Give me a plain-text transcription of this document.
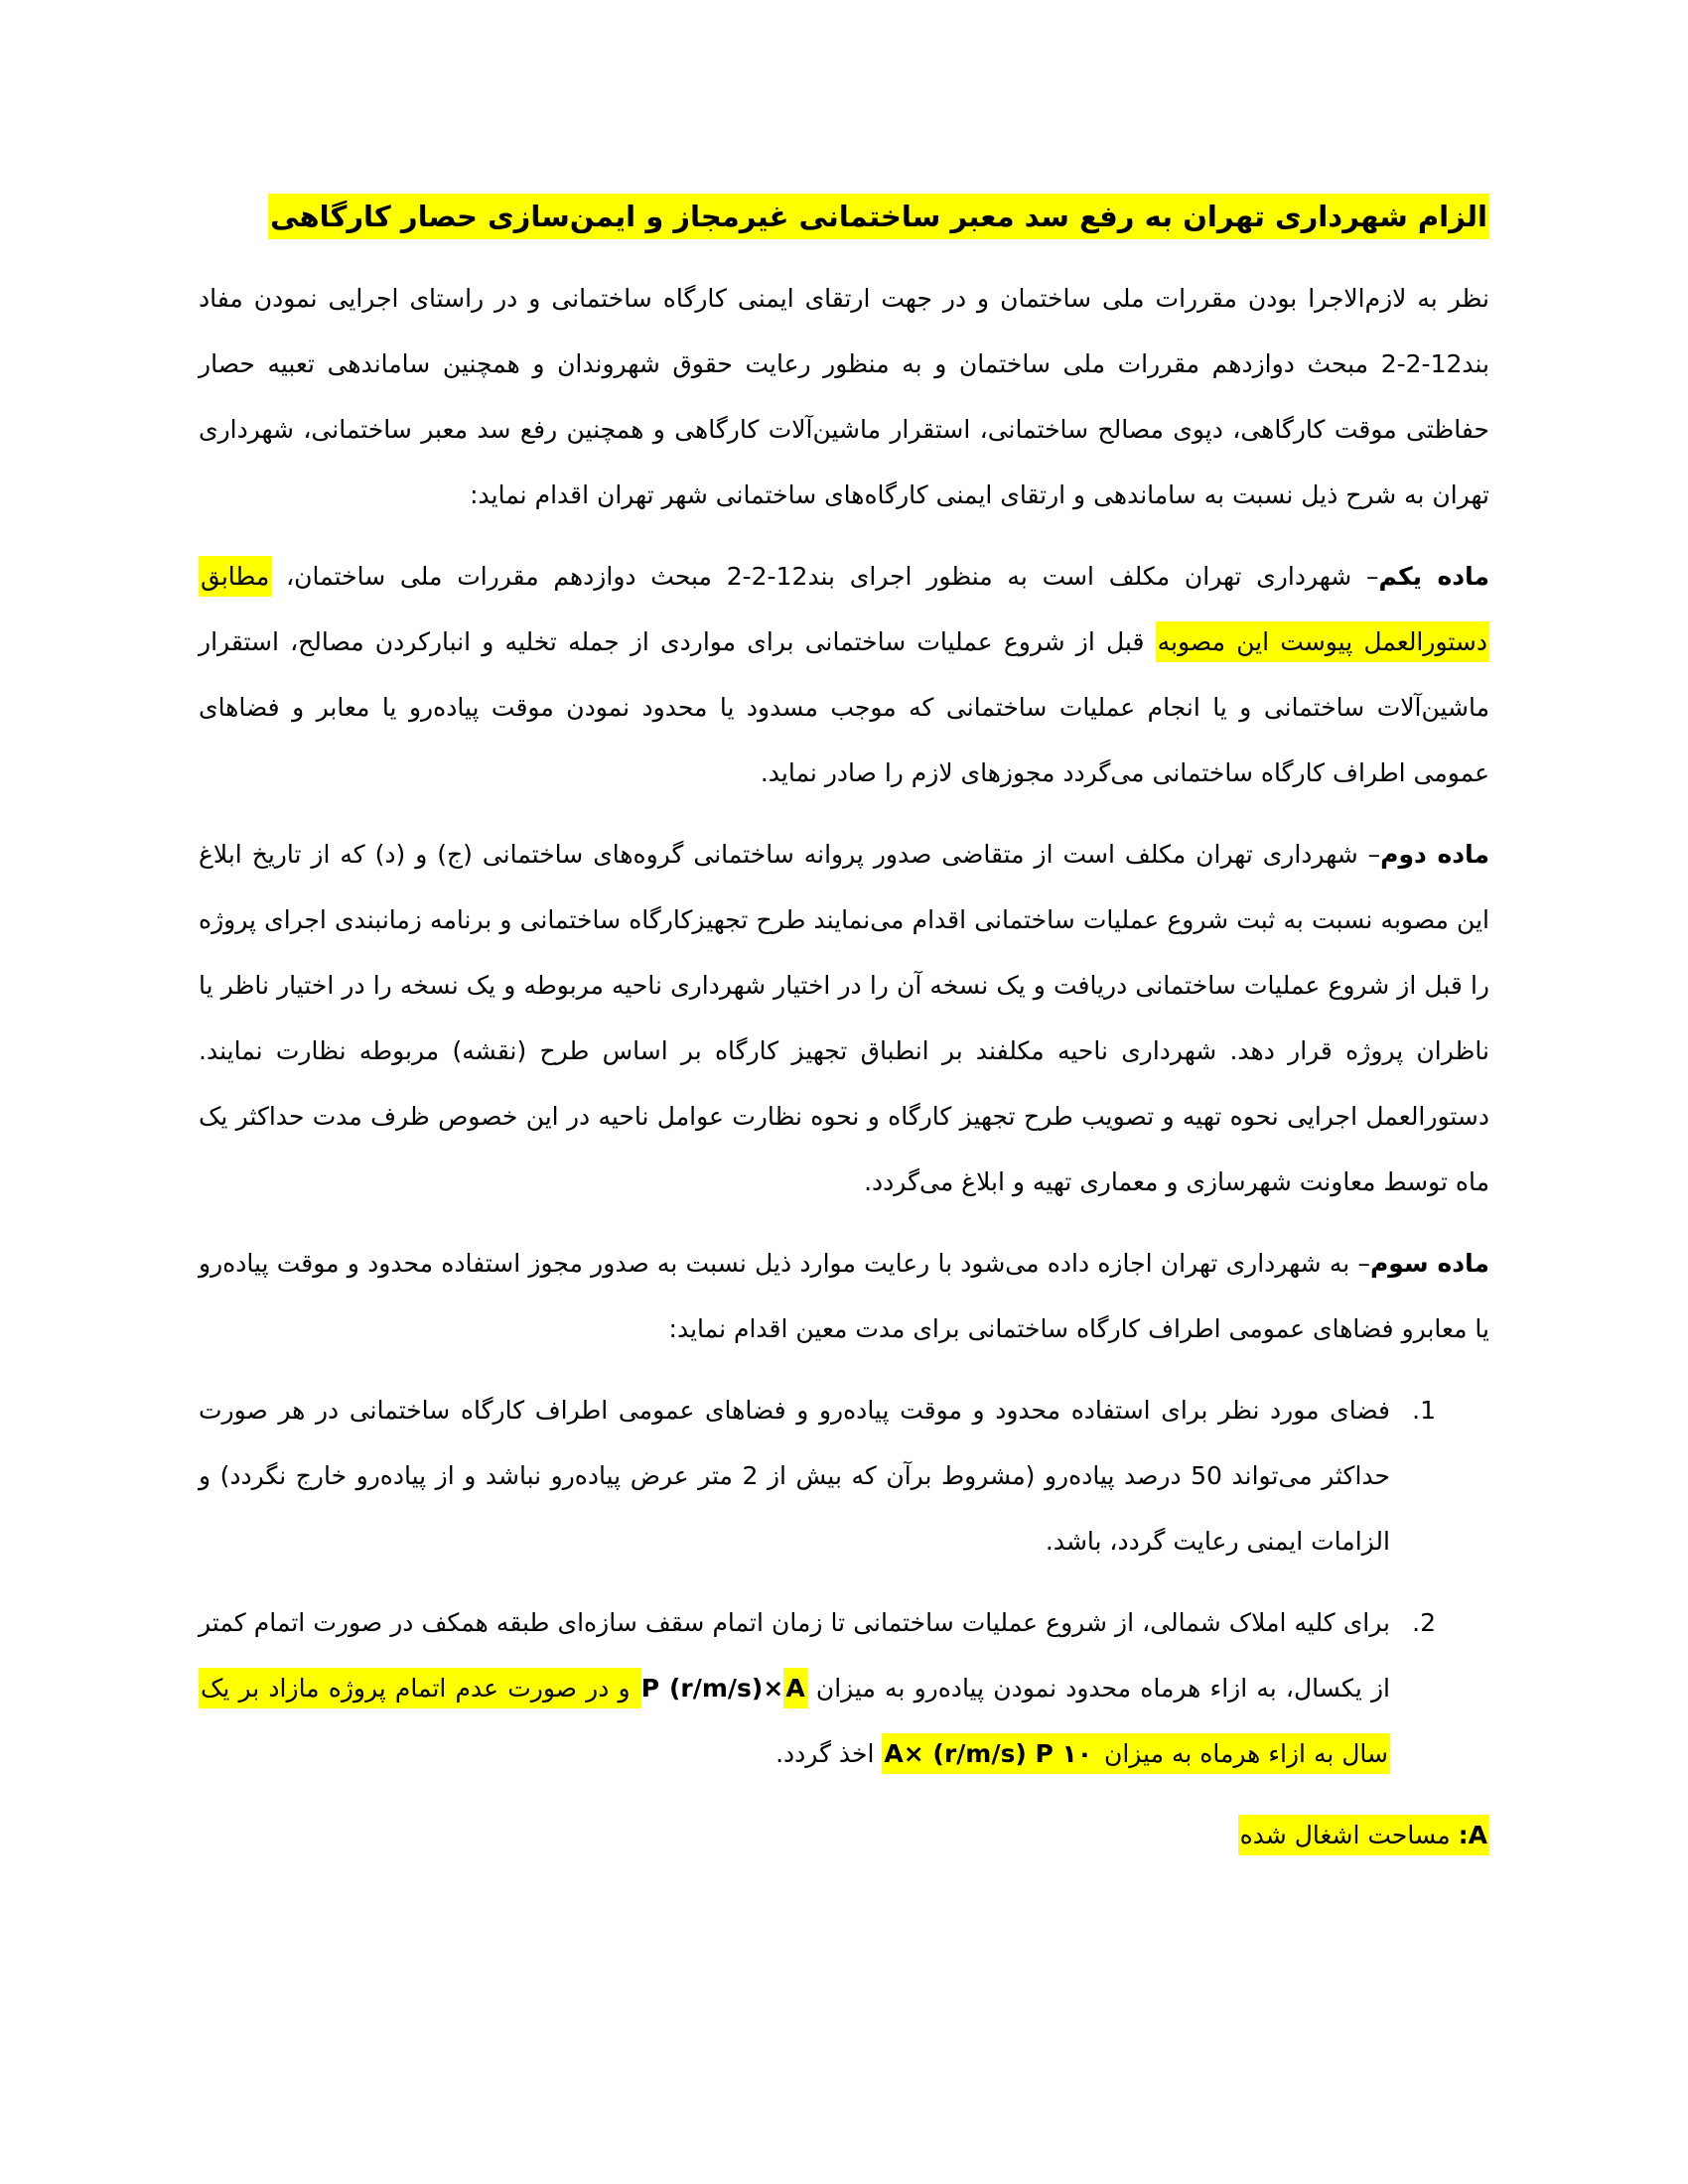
الزام شهرداری تهران به رفع سد معبر ساختمانی غیرمجاز و ایمن‌سازی حصار کارگاهی

نظر به لازم‌الاجرا بودن مقررات ملی ساختمان و در جهت ارتقای ایمنی کارگاه ساختمانی و در راستای اجرایی نمودن مفاد بند12-2-2 مبحث دوازدهم مقررات ملی ساختمان و به منظور رعایت حقوق شهروندان و همچنین ساماندهی تعبیه حصار حفاظتی موقت کارگاهی، دپوی مصالح ساختمانی، استقرار ماشین‌آلات کارگاهی و همچنین رفع سد معبر ساختمانی، شهرداری تهران به شرح ذیل نسبت به ساماندهی و ارتقای ایمنی کارگاه‌های ساختمانی شهر تهران اقدام نماید:

ماده یکم– شهرداری تهران مکلف است به منظور اجرای بند12-2-2 مبحث دوازدهم مقررات ملی ساختمان، مطابق دستورالعمل پیوست این مصوبه قبل از شروع عملیات ساختمانی برای مواردی از جمله تخلیه و انبارکردن مصالح، استقرار ماشین‌آلات ساختمانی و یا انجام عملیات ساختمانی که موجب مسدود یا محدود نمودن موقت پیاده‌رو یا معابر و فضاهای عمومی اطراف کارگاه ساختمانی می‌گردد مجوزهای لازم را صادر نماید.

ماده دوم– شهرداری تهران مکلف است از متقاضی صدور پروانه ساختمانی گروه‌های ساختمانی (ج) و (د) که از تاریخ ابلاغ این مصوبه نسبت به ثبت شروع عملیات ساختمانی اقدام می‌نمایند طرح تجهیزکارگاه ساختمانی و برنامه زمانبندی اجرای پروژه را قبل از شروع عملیات ساختمانی دریافت و یک نسخه آن را در اختیار شهرداری ناحیه مربوطه و یک نسخه را در اختیار ناظر یا ناظران پروژه قرار دهد. شهرداری ناحیه مکلفند بر انطباق تجهیز کارگاه بر اساس طرح (نقشه) مربوطه نظارت نمایند. دستورالعمل اجرایی نحوه تهیه و تصویب طرح تجهیز کارگاه و نحوه نظارت عوامل ناحیه در این خصوص ظرف مدت حداکثر یک ماه توسط معاونت شهرسازی و معماری تهیه و ابلاغ می‌گردد.

ماده سوم– به شهرداری تهران اجازه داده می‌شود با رعایت موارد ذیل نسبت به صدور مجوز استفاده محدود و موقت پیاده‌رو یا معابرو فضاهای عمومی اطراف کارگاه ساختمانی برای مدت معین اقدام نماید:

1.
فضای مورد نظر برای استفاده محدود و موقت پیاده‌رو و فضاهای عمومی اطراف کارگاه ساختمانی در هر صورت حداکثر می‌تواند 50 درصد پیاده‌رو (مشروط برآن که بیش از 2 متر عرض پیاده‌رو نباشد و از پیاده‌رو خارج نگردد) و الزامات ایمنی رعایت گردد، باشد.
2.
برای کلیه املاک شمالی، از شروع عملیات ساختمانی تا زمان اتمام سقف سازه‌ای طبقه همکف در صورت اتمام کمتر از یکسال، به ازاء هرماه محدود نمودن پیاده‌رو به میزان P (r/m/s)×A و در صورت عدم اتمام پروژه مازاد بر یک سال به ازاء هرماه به میزان A× (r/m/s) P ۱۰ اخذ گردد.
A: مساحت اشغال شده
